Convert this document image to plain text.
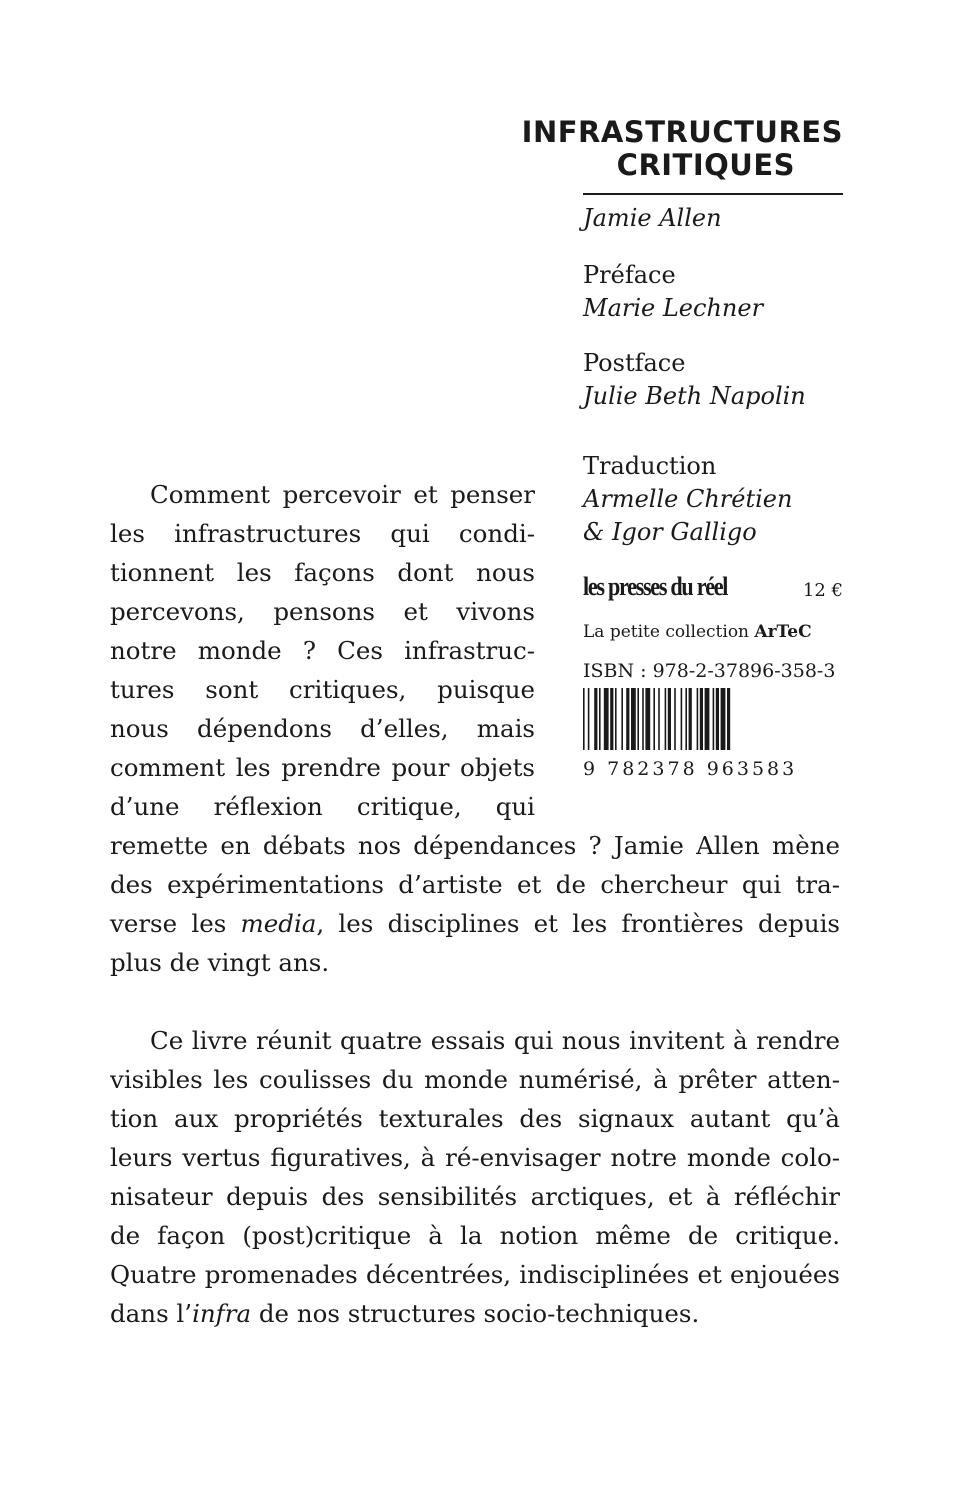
INFRASTRUCTURES

CRITIQUES
Jamie Allen
Préface
Marie Lechner
Postface
Julie Beth Napolin
Traduction
Armelle Chrétien
& Igor Galligo
les presses du réel	12 €
La petite collection ArTeC
ISBN : 978-2-37896-358-3
9 782378 963583
Comment percevoir et penser
les infrastructures qui condi-
tionnent les façons dont nous
percevons, pensons et vivons
notre monde ? Ces infrastruc-
tures sont critiques, puisque
nous dépendons d’elles, mais
comment les prendre pour objets
d’une réflexion critique, qui
remette en débats nos dépendances ? Jamie Allen mène
des expérimentations d’artiste et de chercheur qui tra-
verse les media, les disciplines et les frontières depuis
plus de vingt ans.
Ce livre réunit quatre essais qui nous invitent à rendre
visibles les coulisses du monde numérisé, à prêter atten-
tion aux propriétés texturales des signaux autant qu’à
leurs vertus figuratives, à ré-envisager notre monde colo-
nisateur depuis des sensibilités arctiques, et à réfléchir
de façon (post)critique à la notion même de critique.
Quatre promenades décentrées, indisciplinées et enjouées
dans l’infra de nos structures socio-techniques.
